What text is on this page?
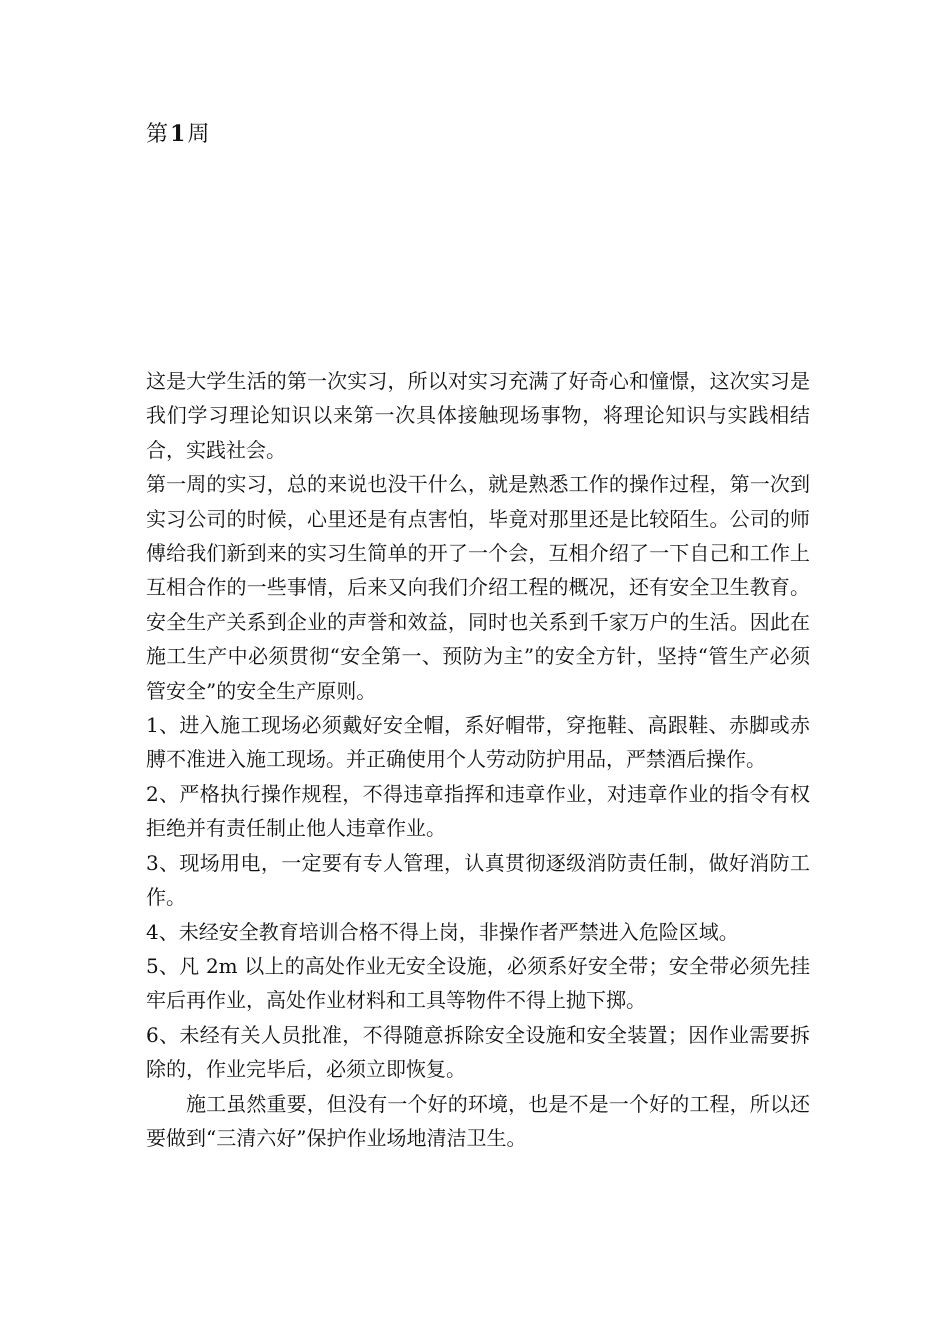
第1周

这是大学生活的第一次实习，所以对实习充满了好奇心和憧憬，这次实习是我们学习理论知识以来第一次具体接触现场事物，将理论知识与实践相结合，实践社会。

第一周的实习，总的来说也没干什么，就是熟悉工作的操作过程，第一次到实习公司的时候，心里还是有点害怕，毕竟对那里还是比较陌生。公司的师傅给我们新到来的实习生简单的开了一个会，互相介绍了一下自己和工作上互相合作的一些事情，后来又向我们介绍工程的概况，还有安全卫生教育。安全生产关系到企业的声誉和效益，同时也关系到千家万户的生活。因此在施工生产中必须贯彻“安全第一、预防为主”的安全方针，坚持“管生产必须管安全”的安全生产原则。

1、进入施工现场必须戴好安全帽，系好帽带，穿拖鞋、高跟鞋、赤脚或赤膊不准进入施工现场。并正确使用个人劳动防护用品，严禁酒后操作。

2、严格执行操作规程，不得违章指挥和违章作业，对违章作业的指令有权拒绝并有责任制止他人违章作业。

3、现场用电，一定要有专人管理，认真贯彻逐级消防责任制，做好消防工作。

4、未经安全教育培训合格不得上岗，非操作者严禁进入危险区域。

5、凡 2m 以上的高处作业无安全设施，必须系好安全带；安全带必须先挂牢后再作业，高处作业材料和工具等物件不得上抛下掷。

6、未经有关人员批准，不得随意拆除安全设施和安全装置；因作业需要拆除的，作业完毕后，必须立即恢复。

施工虽然重要，但没有一个好的环境，也是不是一个好的工程，所以还要做到“三清六好”保护作业场地清洁卫生。
